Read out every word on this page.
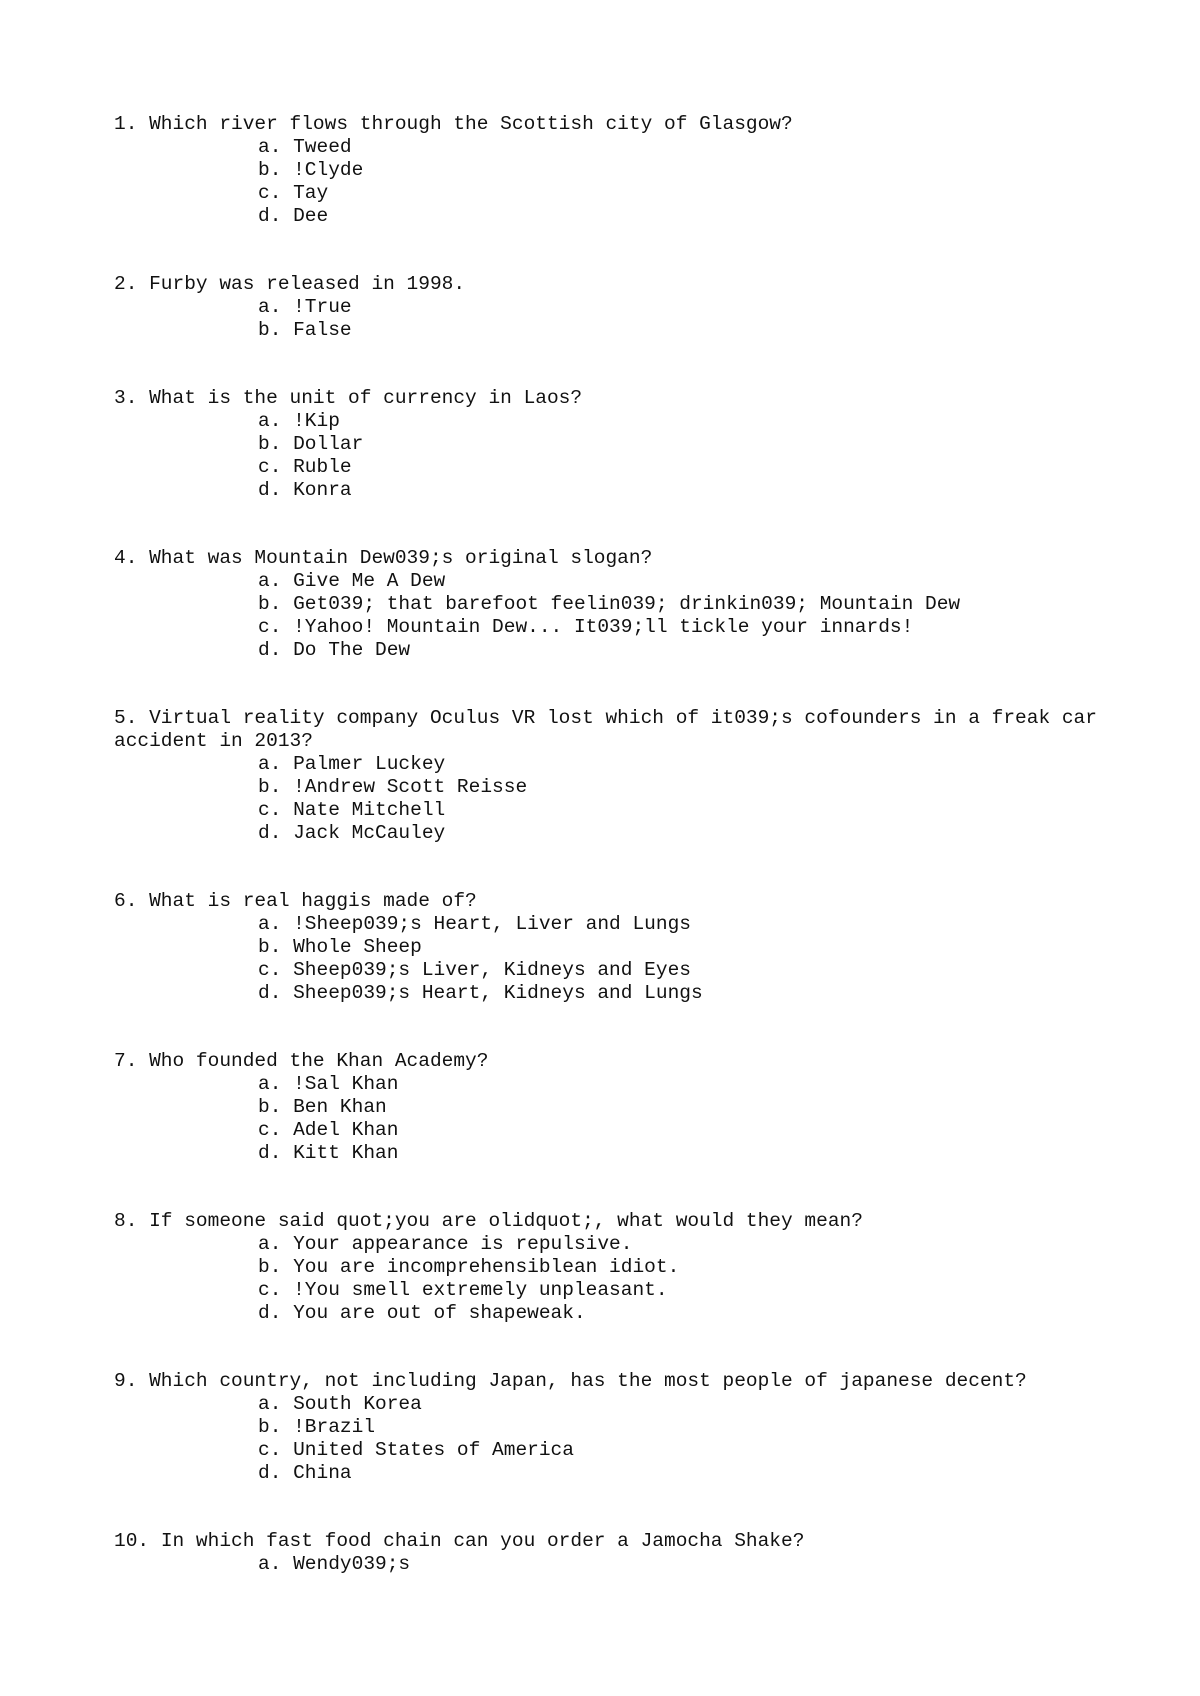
1. Which river flows through the Scottish city of Glasgow?

a. Tweed
b. !Clyde
c. Tay
d. Dee

2. Furby was released in 1998.

a. !True
b. False

3. What is the unit of currency in Laos?

a. !Kip
b. Dollar
c. Ruble
d. Konra

4. What was Mountain Dew039;s original slogan?

a. Give Me A Dew
b. Get039; that barefoot feelin039; drinkin039; Mountain Dew
c. !Yahoo! Mountain Dew... It039;ll tickle your innards!
d. Do The Dew

5. Virtual reality company Oculus VR lost which of it039;s cofounders in a freak car accident in 2013?

a. Palmer Luckey
b. !Andrew Scott Reisse
c. Nate Mitchell
d. Jack McCauley

6. What is real haggis made of?

a. !Sheep039;s Heart, Liver and Lungs
b. Whole Sheep
c. Sheep039;s Liver, Kidneys and Eyes
d. Sheep039;s Heart, Kidneys and Lungs

7. Who founded the Khan Academy?

a. !Sal Khan
b. Ben Khan
c. Adel Khan
d. Kitt Khan

8. If someone said quot;you are olidquot;, what would they mean?

a. Your appearance is repulsive.
b. You are incomprehensiblean idiot.
c. !You smell extremely unpleasant.
d. You are out of shapeweak.

9. Which country, not including Japan, has the most people of japanese decent?

a. South Korea
b. !Brazil
c. United States of America
d. China

10. In which fast food chain can you order a Jamocha Shake?

a. Wendy039;s
